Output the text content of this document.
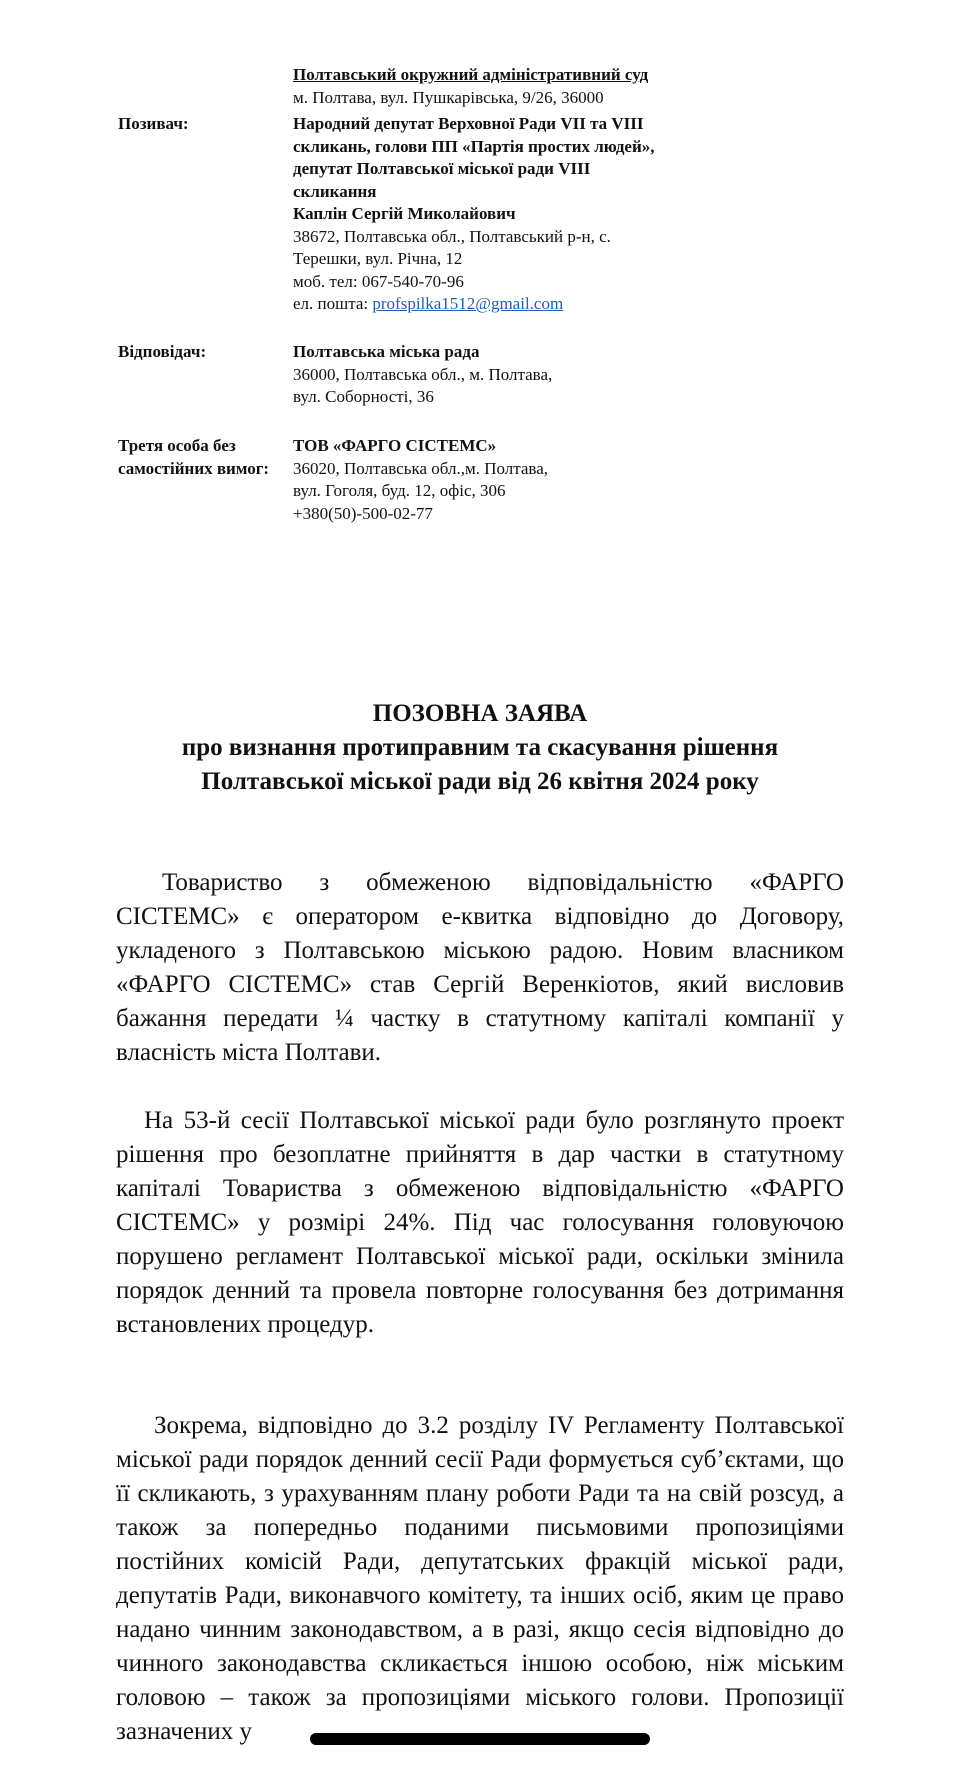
Полтавський окружний адміністративний суд
м. Полтава, вул. Пушкарівська, 9/26, 36000
Позивач:	Народний депутат Верховної Ради VII та VIII
скликань, голови ПП «Партія простих людей»,
депутат Полтавської міської ради VIII
скликання
Каплін Сергій Миколайович
38672, Полтавська обл., Полтавський р-н, с.
Терешки, вул. Річна, 12
моб. тел: 067-540-70-96
ел. пошта: profspilka1512@gmail.com
Відповідач:	Полтавська міська рада
36000, Полтавська обл., м. Полтава,
вул. Соборності, 36
Третя особа без
самостійних вимог:
ТОВ «ФАРГО СІСТЕМС»
36020, Полтавська обл.,м. Полтава,
вул. Гоголя, буд. 12, офіс, 306
+380(50)-500-02-77
ПОЗОВНА ЗАЯВА
про визнання протиправним та скасування рішення
Полтавської міської ради від 26 квітня 2024 року

Товариство з обмеженою відповідальністю «ФАРГО СІСТЕМС» є оператором е-квитка відповідно до Договору, укладеного з Полтавською міською радою. Новим власником «ФАРГО СІСТЕМС» став Сергій Веренкіотов, який висловив бажання передати ¼ частку в статутному капіталі компанії у власність міста Полтави.

На 53-й сесії Полтавської міської ради було розглянуто проект рішення про безоплатне прийняття в дар частки в статутному капіталі Товариства з обмеженою відповідальністю «ФАРГО СІСТЕМС» у розмірі 24%. Під час голосування головуючою порушено регламент Полтавської міської ради, оскільки змінила порядок денний та провела повторне голосування без дотримання встановлених процедур.

Зокрема, відповідно до 3.2 розділу IV Регламенту Полтавської міської ради порядок денний сесії Ради формується суб’єктами, що її скликають, з урахуванням плану роботи Ради та на свій розсуд, а також за попередньо поданими письмовими пропозиціями постійних комісій Ради, депутатських фракцій міської ради, депутатів Ради, виконавчого комітету, та інших осіб, яким це право надано чинним законодавством, а в разі, якщо сесія відповідно до чинного законодавства скликається іншою особою, ніж міським головою – також за пропозиціями міського голови. Пропозиції зазначених у
